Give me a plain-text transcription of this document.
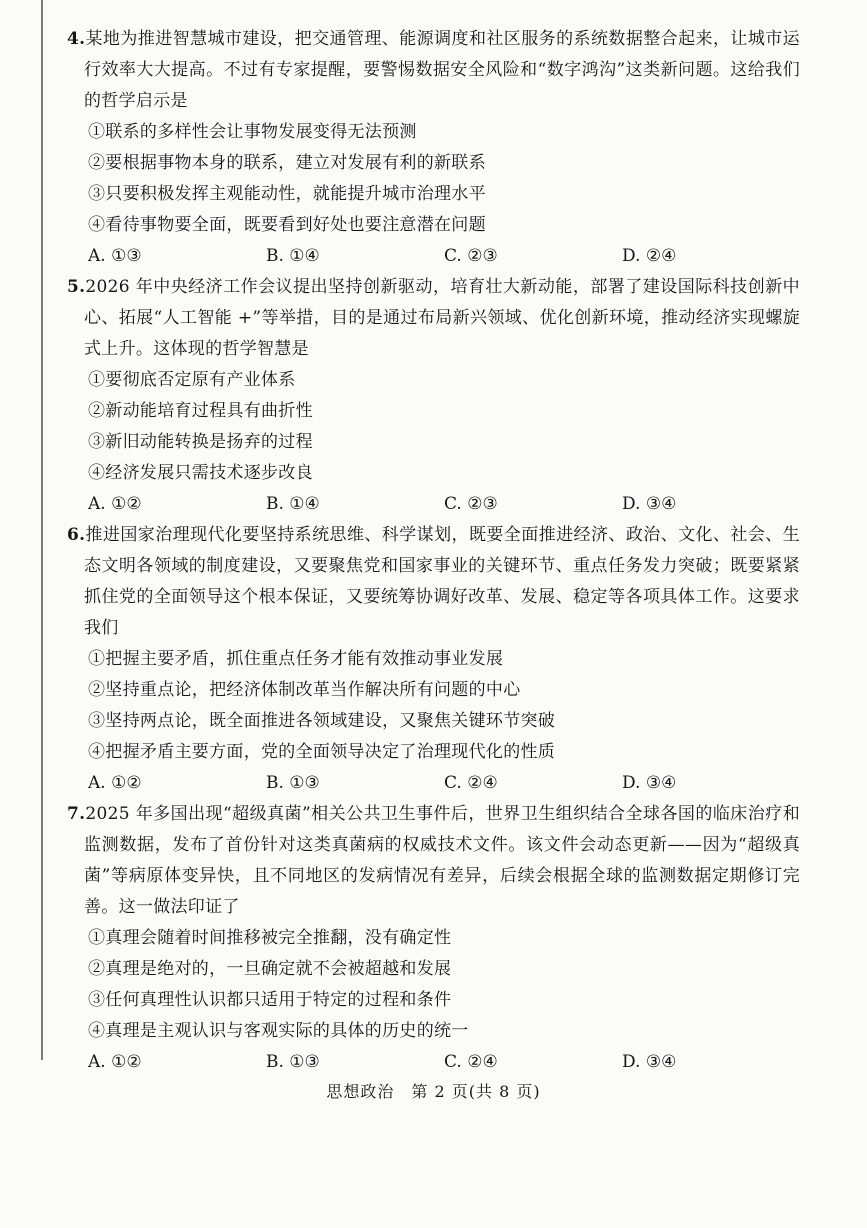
4.某地为推进智慧城市建设，把交通管理、能源调度和社区服务的系统数据整合起来，让城市运行效率大大提高。不过有专家提醒，要警惕数据安全风险和“数字鸿沟”这类新问题。这给我们的哲学启示是

①联系的多样性会让事物发展变得无法预测

②要根据事物本身的联系，建立对发展有利的新联系

③只要积极发挥主观能动性，就能提升城市治理水平

④看待事物要全面，既要看到好处也要注意潜在问题

A. ①③	B. ①④	C. ②③	D. ②④

5.2026 年中央经济工作会议提出坚持创新驱动，培育壮大新动能，部署了建设国际科技创新中心、拓展“人工智能 +”等举措，目的是通过布局新兴领域、优化创新环境，推动经济实现螺旋式上升。这体现的哲学智慧是

①要彻底否定原有产业体系

②新动能培育过程具有曲折性

③新旧动能转换是扬弃的过程

④经济发展只需技术逐步改良

A. ①②	B. ①④	C. ②③	D. ③④

6.推进国家治理现代化要坚持系统思维、科学谋划，既要全面推进经济、政治、文化、社会、生态文明各领域的制度建设，又要聚焦党和国家事业的关键环节、重点任务发力突破；既要紧紧抓住党的全面领导这个根本保证，又要统筹协调好改革、发展、稳定等各项具体工作。这要求我们

①把握主要矛盾，抓住重点任务才能有效推动事业发展

②坚持重点论，把经济体制改革当作解决所有问题的中心

③坚持两点论，既全面推进各领域建设，又聚焦关键环节突破

④把握矛盾主要方面，党的全面领导决定了治理现代化的性质

A. ①②	B. ①③	C. ②④	D. ③④

7.2025 年多国出现“超级真菌”相关公共卫生事件后，世界卫生组织结合全球各国的临床治疗和监测数据，发布了首份针对这类真菌病的权威技术文件。该文件会动态更新——因为“超级真菌”等病原体变异快，且不同地区的发病情况有差异，后续会根据全球的监测数据定期修订完善。这一做法印证了

①真理会随着时间推移被完全推翻，没有确定性

②真理是绝对的，一旦确定就不会被超越和发展

③任何真理性认识都只适用于特定的过程和条件

④真理是主观认识与客观实际的具体的历史的统一

A. ①②	B. ①③	C. ②④	D. ③④
思想政治　第 2 页(共 8 页)
